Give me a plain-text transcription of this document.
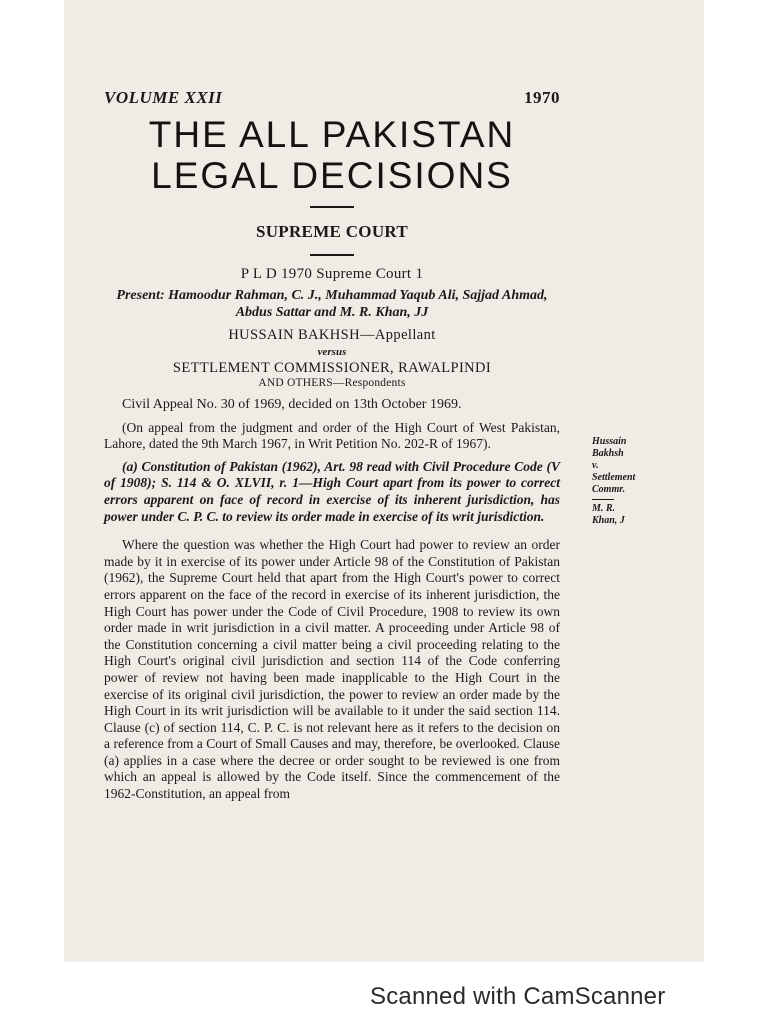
VOLUME XXII	1970
THE ALL PAKISTAN
LEGAL DECISIONS
SUPREME COURT
P L D 1970 Supreme Court 1
Present: Hamoodur Rahman, C. J., Muhammad Yaqub Ali, Sajjad Ahmad, Abdus Sattar and M. R. Khan, JJ
HUSSAIN BAKHSH—Appellant
versus
SETTLEMENT COMMISSIONER, RAWALPINDI
AND OTHERS—Respondents
Civil Appeal No. 30 of 1969, decided on 13th October 1969.
(On appeal from the judgment and order of the High Court of West Pakistan, Lahore, dated the 9th March 1967, in Writ Petition No. 202-R of 1967).
(a) Constitution of Pakistan (1962), Art. 98 read with Civil Procedure Code (V of 1908); S. 114 & O. XLVII, r. 1—High Court apart from its power to correct errors apparent on face of record in exercise of its inherent jurisdiction, has power under C. P. C. to review its order made in exercise of its writ jurisdiction.
Where the question was whether the High Court had power to review an order made by it in exercise of its power under Article 98 of the Constitution of Pakistan (1962), the Supreme Court held that apart from the High Court's power to correct errors apparent on the face of the record in exercise of its inherent jurisdiction, the High Court has power under the Code of Civil Procedure, 1908 to review its own order made in writ jurisdiction in a civil matter. A proceeding under Article 98 of the Constitution concerning a civil matter being a civil proceeding relating to the High Court's original civil jurisdiction and section 114 of the Code conferring power of review not having been made inapplicable to the High Court in the exercise of its original civil jurisdiction, the power to review an order made by the High Court in its writ jurisdiction will be available to it under the said section 114. Clause (c) of section 114, C. P. C. is not relevant here as it refers to the decision on a reference from a Court of Small Causes and may, therefore, be overlooked. Clause (a) applies in a case where the decree or order sought to be reviewed is one from which an appeal is allowed by the Code itself. Since the commencement of the 1962-Constitution, an appeal from
Hussain
Bakhsh
v.
Settlement
Commr.
M. R.
Khan, J
Scanned with CamScanner
